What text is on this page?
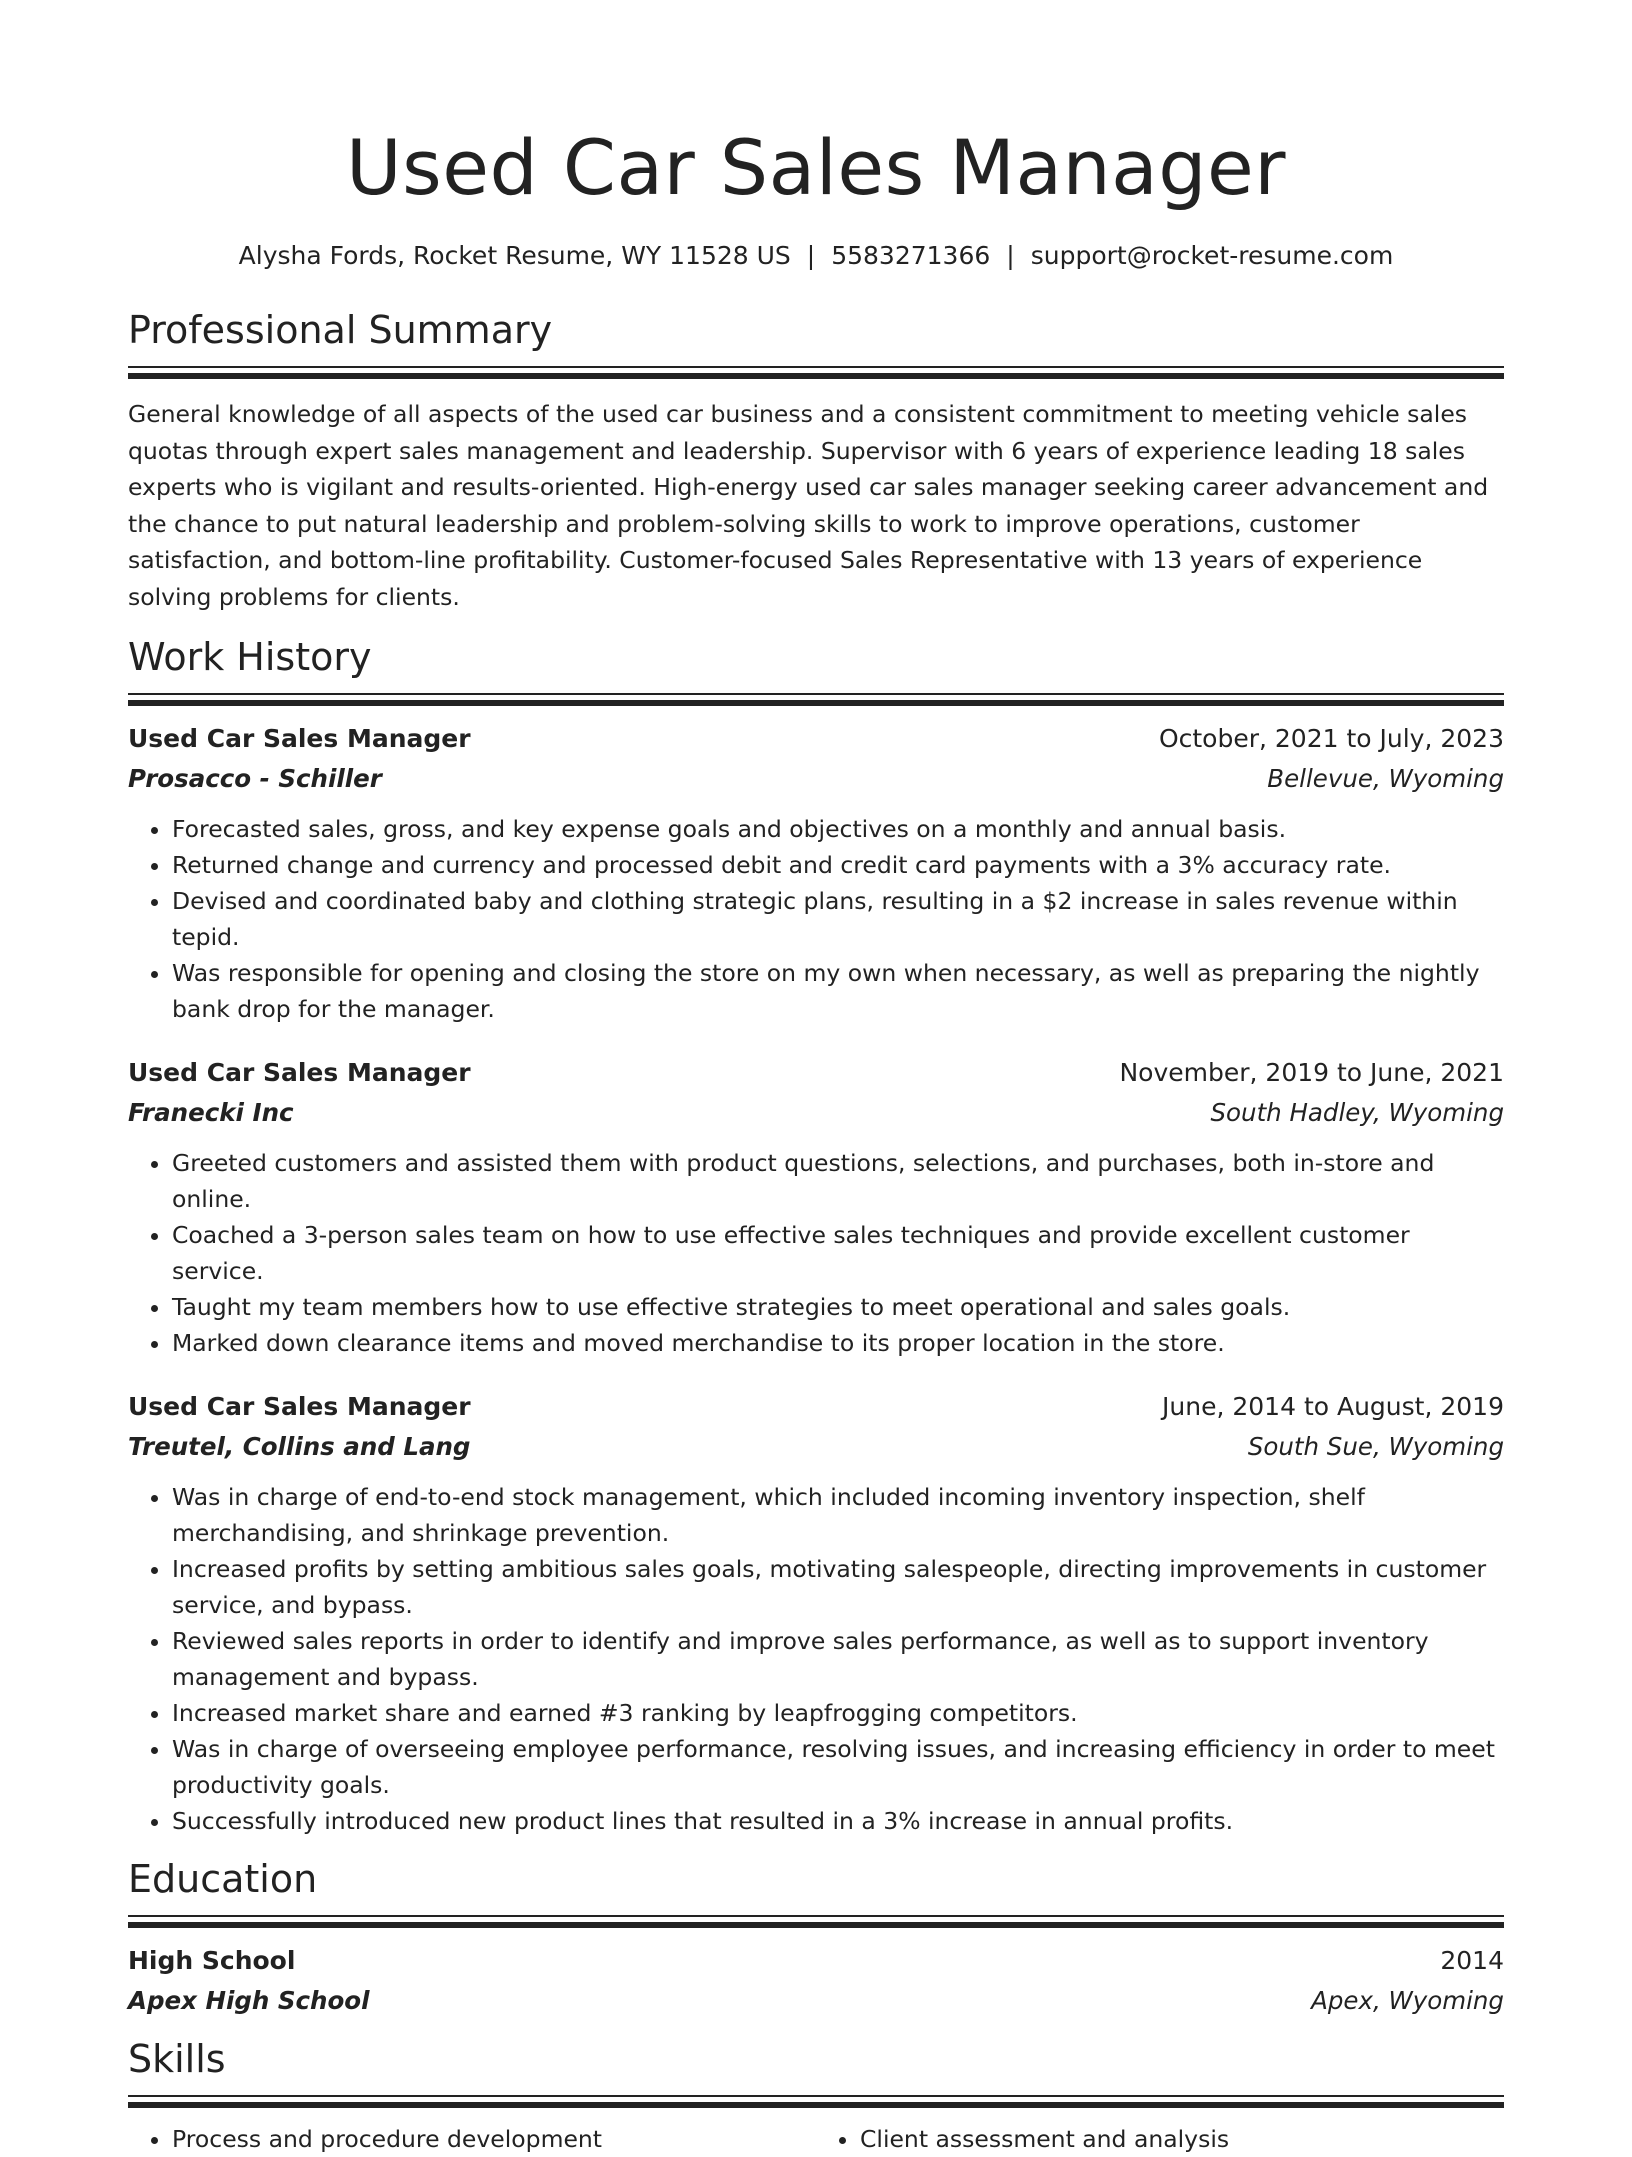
Used Car Sales Manager
Alysha Fords, Rocket Resume, WY 11528 US | 5583271366 | support@rocket-resume.com
Professional Summary

General knowledge of all aspects of the used car business and a consistent commitment to meeting vehicle sales quotas through expert sales management and leadership. Supervisor with 6 years of experience leading 18 sales experts who is vigilant and results-oriented. High-energy used car sales manager seeking career advancement and the chance to put natural leadership and problem-solving skills to work to improve operations, customer satisfaction, and bottom-line profitability. Customer-focused Sales Representative with 13 years of experience solving problems for clients.

Work History
Used Car Sales Manager	October, 2021 to July, 2023
Prosacco - Schiller	Bellevue, Wyoming
• Forecasted sales, gross, and key expense goals and objectives on a monthly and annual basis.
• Returned change and currency and processed debit and credit card payments with a 3% accuracy rate.
• Devised and coordinated baby and clothing strategic plans, resulting in a $2 increase in sales revenue within tepid.
• Was responsible for opening and closing the store on my own when necessary, as well as preparing the nightly bank drop for the manager.
Used Car Sales Manager	November, 2019 to June, 2021
Franecki Inc	South Hadley, Wyoming
• Greeted customers and assisted them with product questions, selections, and purchases, both in-store and online.
• Coached a 3-person sales team on how to use effective sales techniques and provide excellent customer service.
• Taught my team members how to use effective strategies to meet operational and sales goals.
• Marked down clearance items and moved merchandise to its proper location in the store.
Used Car Sales Manager	June, 2014 to August, 2019
Treutel, Collins and Lang	South Sue, Wyoming
• Was in charge of end-to-end stock management, which included incoming inventory inspection, shelf merchandising, and shrinkage prevention.
• Increased profits by setting ambitious sales goals, motivating salespeople, directing improvements in customer service, and bypass.
• Reviewed sales reports in order to identify and improve sales performance, as well as to support inventory management and bypass.
• Increased market share and earned #3 ranking by leapfrogging competitors.
• Was in charge of overseeing employee performance, resolving issues, and increasing efficiency in order to meet productivity goals.
• Successfully introduced new product lines that resulted in a 3% increase in annual profits.
Education
High School	2014
Apex High School	Apex, Wyoming
Skills
• Process and procedure development
•	Client assessment and analysis
